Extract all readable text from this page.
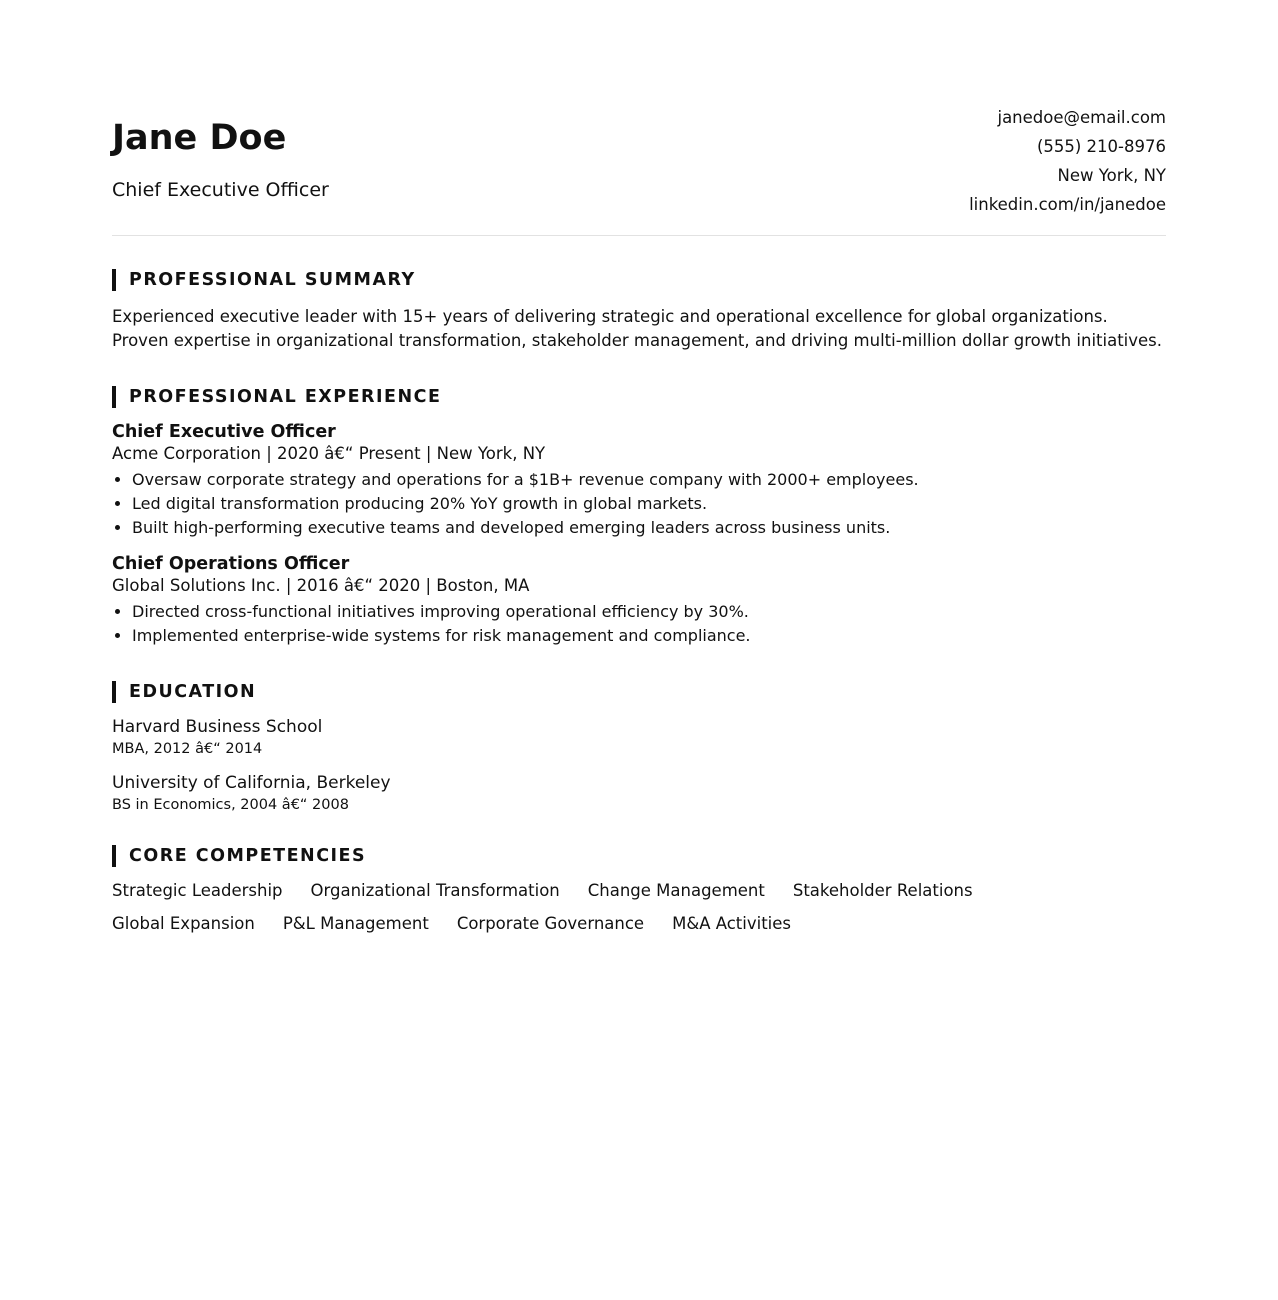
Jane Doe
Chief Executive Officer
janedoe@email.com
(555) 210-8976
New York, NY
linkedin.com/in/janedoe
PROFESSIONAL SUMMARY
Experienced executive leader with 15+ years of delivering strategic and operational excellence for global organizations. Proven expertise in organizational transformation, stakeholder management, and driving multi-million dollar growth initiatives.
PROFESSIONAL EXPERIENCE
Chief Executive Officer
Acme Corporation | 2020 â€“ Present | New York, NY
• Oversaw corporate strategy and operations for a $1B+ revenue company with 2000+ employees.
• Led digital transformation producing 20% YoY growth in global markets.
• Built high-performing executive teams and developed emerging leaders across business units.
Chief Operations Officer
Global Solutions Inc. | 2016 â€“ 2020 | Boston, MA
• Directed cross-functional initiatives improving operational efficiency by 30%.
• Implemented enterprise-wide systems for risk management and compliance.
EDUCATION
Harvard Business School
MBA, 2012 â€“ 2014
University of California, Berkeley
BS in Economics, 2004 â€“ 2008
CORE COMPETENCIES
Strategic Leadership Organizational Transformation Change Management Stakeholder Relations
Global Expansion P&L Management Corporate Governance M&A Activities
